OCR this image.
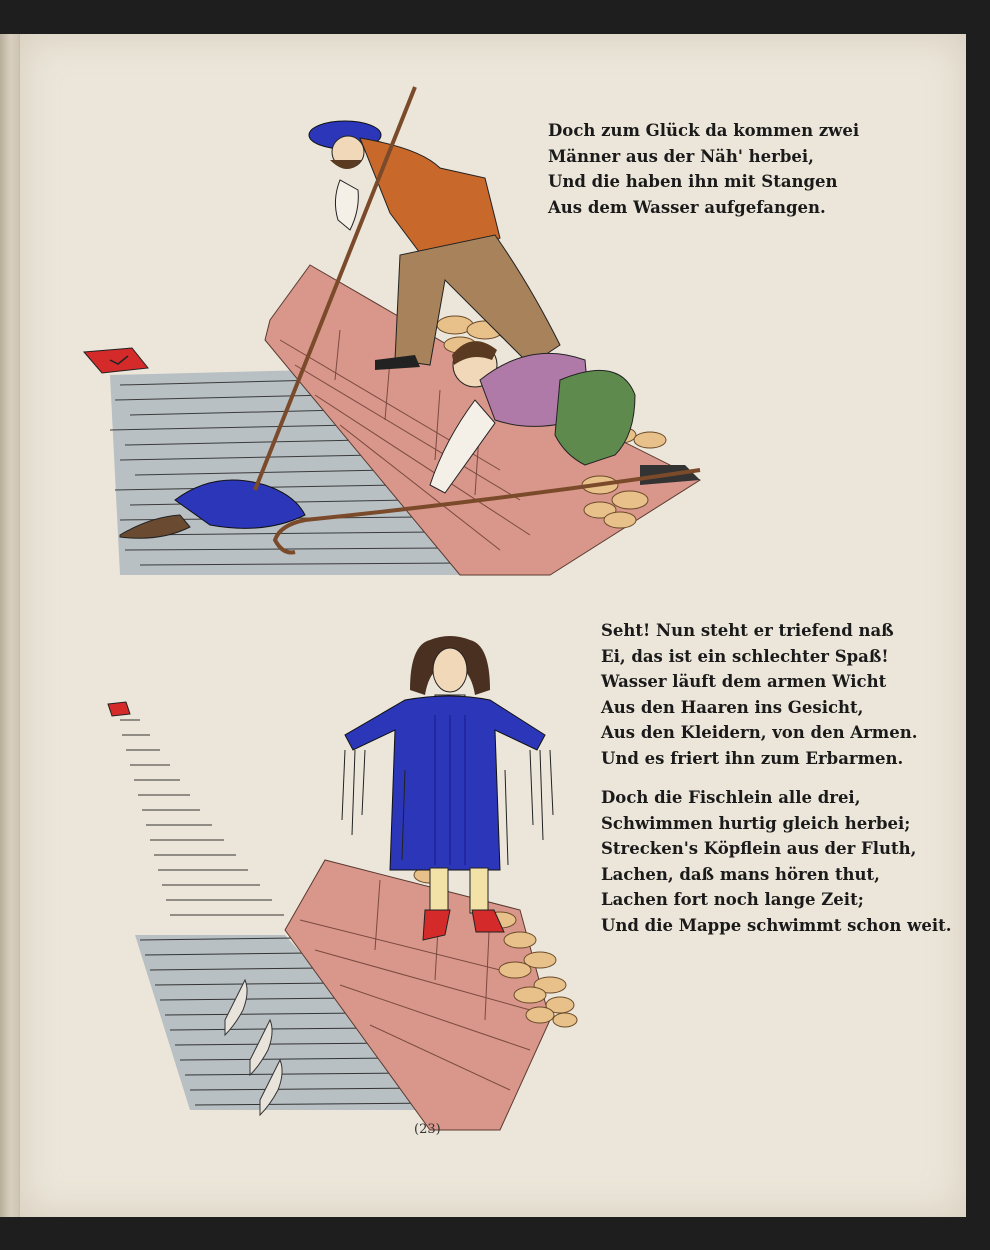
Doch zum Glück da kommen zwei
Männer aus der Näh' herbei,
Und die haben ihn mit Stangen
Aus dem Wasser aufgefangen.
Seht! Nun steht er triefend naß
Ei, das ist ein schlechter Spaß!
Wasser läuft dem armen Wicht
Aus den Haaren ins Gesicht,
Aus den Kleidern, von den Armen.
Und es friert ihn zum Erbarmen.
Doch die Fischlein alle drei,
Schwimmen hurtig gleich herbei;
Strecken's Köpflein aus der Fluth,
Lachen, daß mans hören thut,
Lachen fort noch lange Zeit;
Und die Mappe schwimmt schon weit.
(23)
